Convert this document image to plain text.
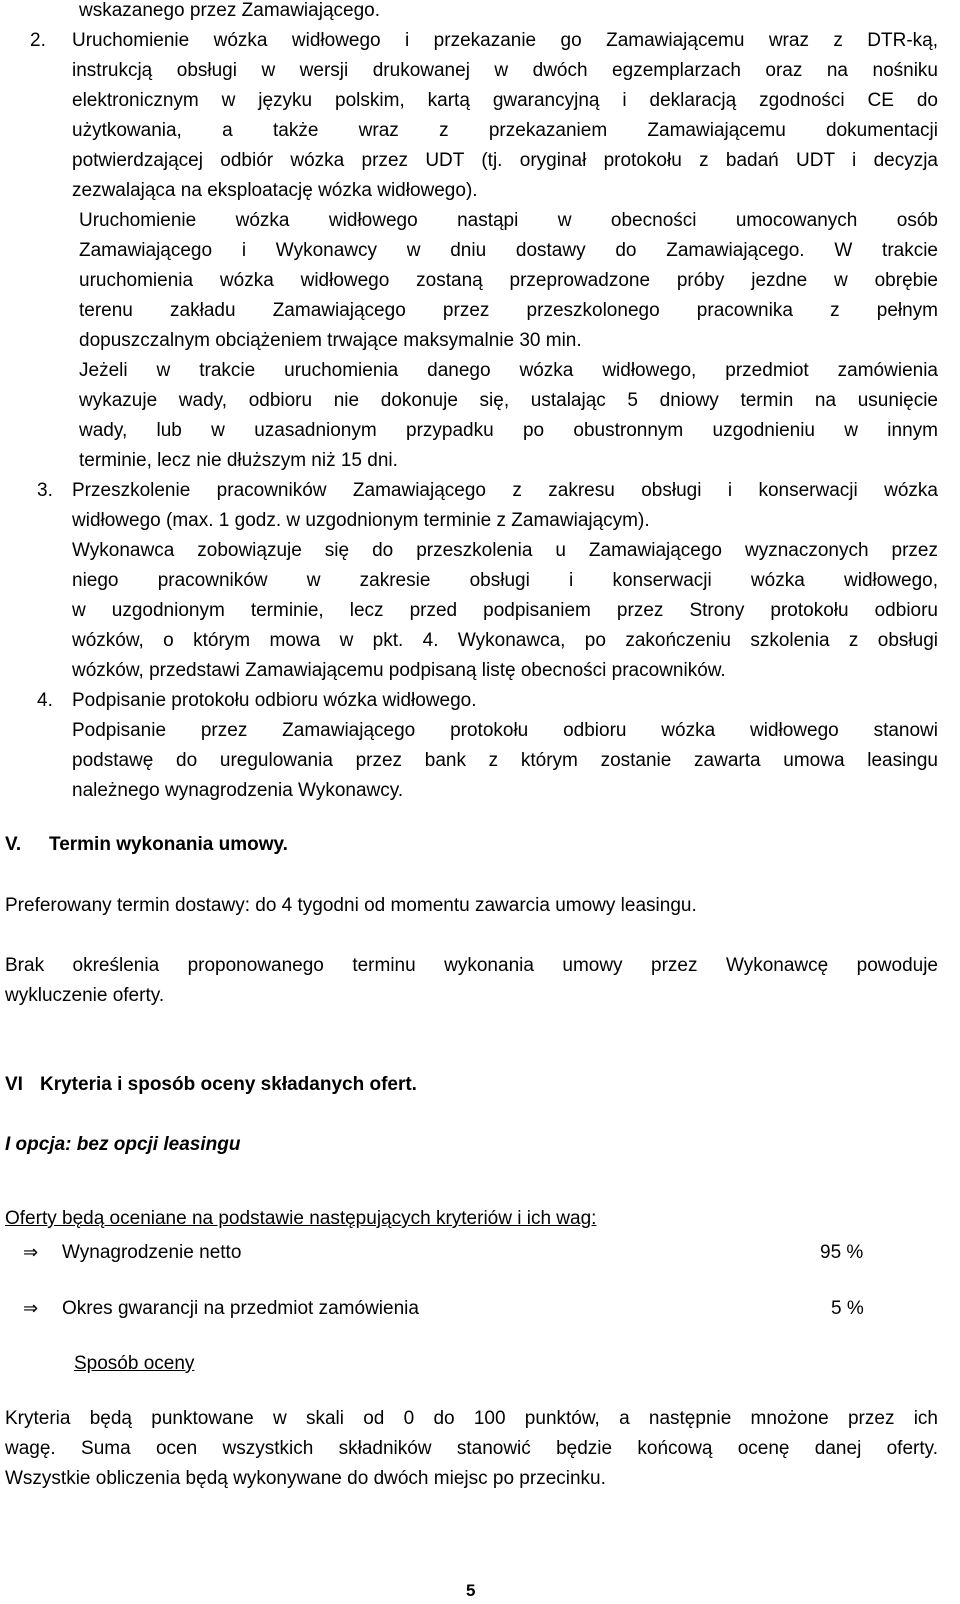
wskazanego przez Zamawiającego.
2. Uruchomienie wózka widłowego i przekazanie go Zamawiającemu wraz z DTR-ką,
instrukcją obsługi w wersji drukowanej w dwóch egzemplarzach oraz na nośniku
elektronicznym w języku polskim, kartą gwarancyjną i deklaracją zgodności CE do
użytkowania, a także wraz z przekazaniem Zamawiającemu dokumentacji
potwierdzającej odbiór wózka przez UDT (tj. oryginał protokołu z badań UDT i decyzja
zezwalająca na eksploatację wózka widłowego).
Uruchomienie wózka widłowego nastąpi w obecności umocowanych osób
Zamawiającego i Wykonawcy w dniu dostawy do Zamawiającego. W trakcie
uruchomienia wózka widłowego zostaną przeprowadzone próby jezdne w obrębie
terenu zakładu Zamawiającego przez przeszkolonego pracownika z pełnym
dopuszczalnym obciążeniem trwające maksymalnie 30 min.
Jeżeli w trakcie uruchomienia danego wózka widłowego, przedmiot zamówienia
wykazuje wady, odbioru nie dokonuje się, ustalając 5 dniowy termin na usunięcie
wady, lub w uzasadnionym przypadku po obustronnym uzgodnieniu w innym
terminie, lecz nie dłuższym niż 15 dni.
3. Przeszkolenie pracowników Zamawiającego z zakresu obsługi i konserwacji wózka
widłowego (max. 1 godz. w uzgodnionym terminie z Zamawiającym).
Wykonawca zobowiązuje się do przeszkolenia u Zamawiającego wyznaczonych przez
niego pracowników w zakresie obsługi i konserwacji wózka widłowego,
w uzgodnionym terminie, lecz przed podpisaniem przez Strony protokołu odbioru
wózków, o którym mowa w pkt. 4. Wykonawca, po zakończeniu szkolenia z obsługi
wózków, przedstawi Zamawiającemu podpisaną listę obecności pracowników.
4. Podpisanie protokołu odbioru wózka widłowego.
Podpisanie przez Zamawiającego protokołu odbioru wózka widłowego stanowi
podstawę do uregulowania przez bank z którym zostanie zawarta umowa leasingu
należnego wynagrodzenia Wykonawcy.
V. Termin wykonania umowy.
Preferowany termin dostawy: do 4 tygodni od momentu zawarcia umowy leasingu.
Brak określenia proponowanego terminu wykonania umowy przez Wykonawcę powoduje
wykluczenie oferty.
VI Kryteria i sposób oceny składanych ofert.
I opcja: bez opcji leasingu
Oferty będą oceniane na podstawie następujących kryteriów i ich wag:
⇒ Wynagrodzenie netto	95 %
⇒ Okres gwarancji na przedmiot zamówienia	5 %
Sposób oceny
Kryteria będą punktowane w skali od 0 do 100 punktów, a następnie mnożone przez ich
wagę. Suma ocen wszystkich składników stanowić będzie końcową ocenę danej oferty.
Wszystkie obliczenia będą wykonywane do dwóch miejsc po przecinku.
5
